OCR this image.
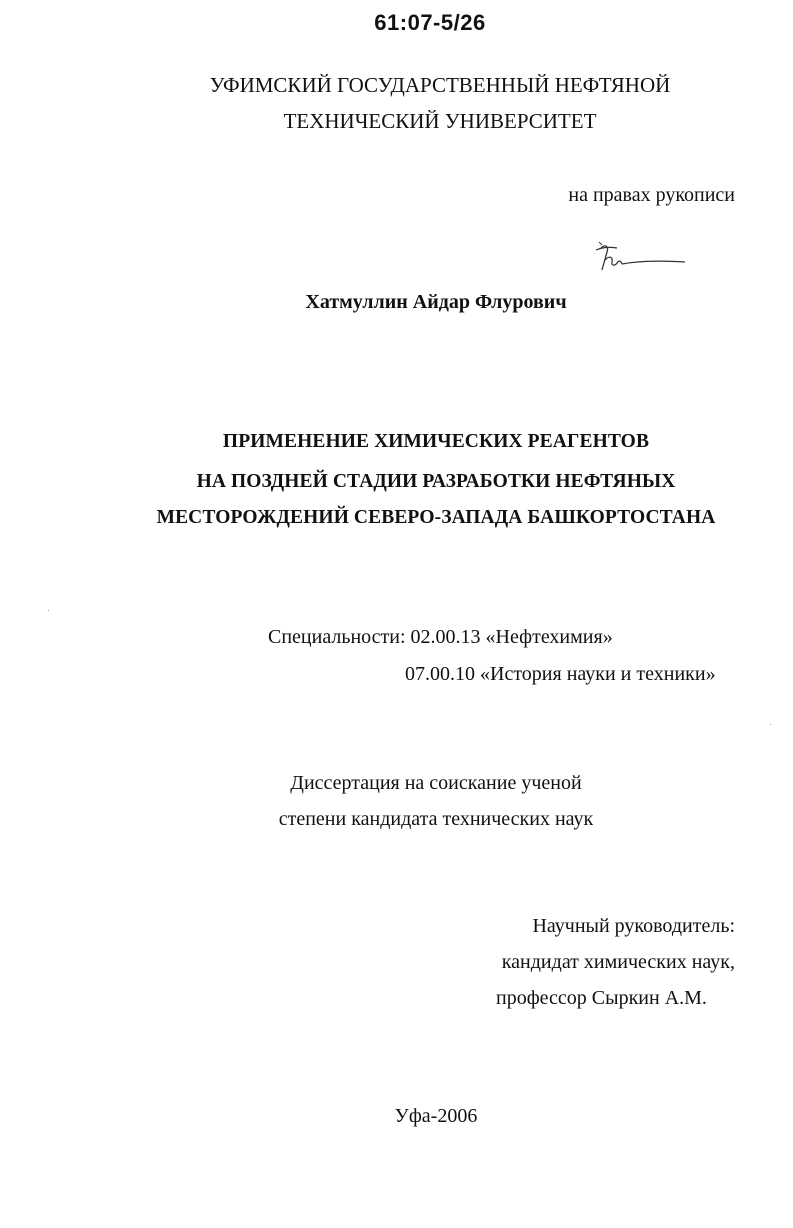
61:07-5/26
УФИМСКИЙ ГОСУДАРСТВЕННЫЙ НЕФТЯНОЙ
ТЕХНИЧЕСКИЙ УНИВЕРСИТЕТ
на правах рукописи
Хатмуллин Айдар Флурович
ПРИМЕНЕНИЕ ХИМИЧЕСКИХ РЕАГЕНТОВ
НА ПОЗДНЕЙ СТАДИИ РАЗРАБОТКИ НЕФТЯНЫХ
МЕСТОРОЖДЕНИЙ СЕВЕРО-ЗАПАДА БАШКОРТОСТАНА
Специальности: 02.00.13 «Нефтехимия»
07.00.10 «История науки и техники»
Диссертация на соискание ученой
степени кандидата технических наук
Научный руководитель:
кандидат химических наук,
профессор Сыркин А.М.
Уфа-2006
